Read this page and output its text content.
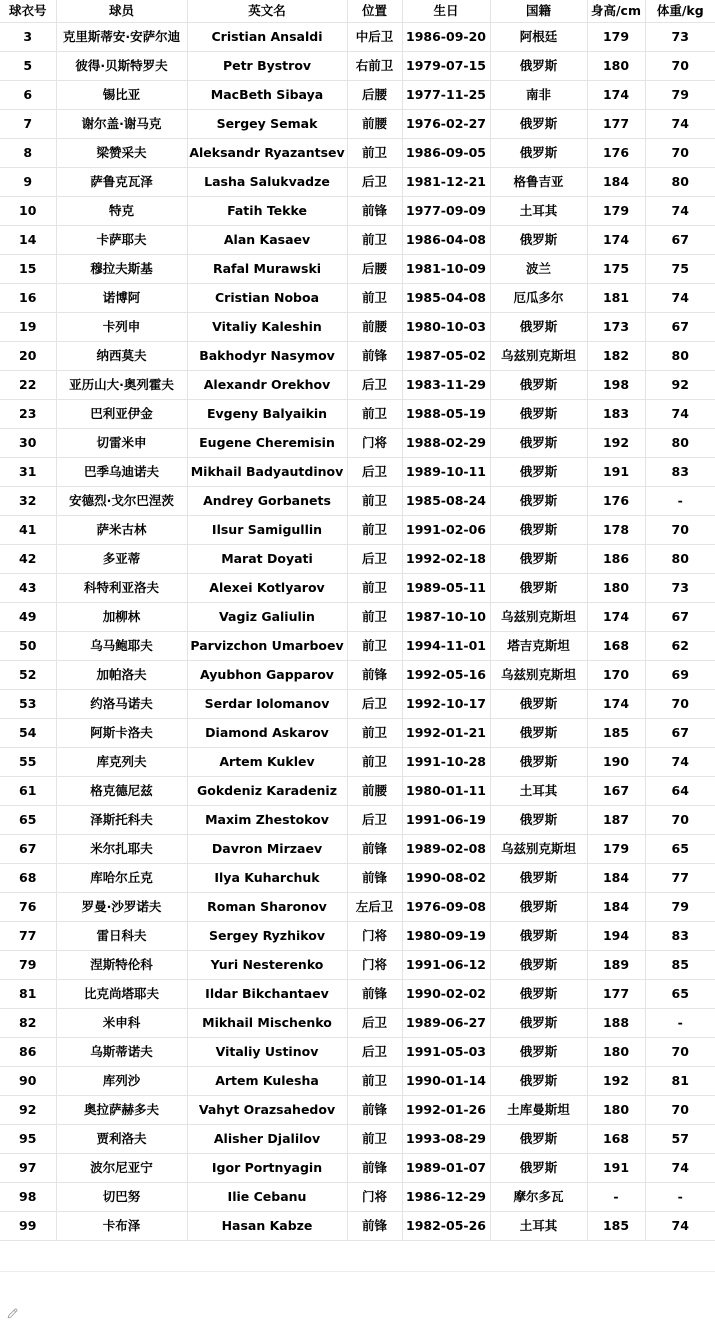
球衣号	球员	英文名	位置	生日	国籍	身高/cm	体重/kg
3	克里斯蒂安·安萨尔迪	Cristian Ansaldi	中后卫	1986-09-20	阿根廷	179	73
5	彼得·贝斯特罗夫	Petr Bystrov	右前卫	1979-07-15	俄罗斯	180	70
6	锡比亚	MacBeth Sibaya	后腰	1977-11-25	南非	174	79
7	谢尔盖·谢马克	Sergey Semak	前腰	1976-02-27	俄罗斯	177	74
8	梁赞采夫	Aleksandr Ryazantsev	前卫	1986-09-05	俄罗斯	176	70
9	萨鲁克瓦泽	Lasha Salukvadze	后卫	1981-12-21	格鲁吉亚	184	80
10	特克	Fatih Tekke	前锋	1977-09-09	土耳其	179	74
14	卡萨耶夫	Alan Kasaev	前卫	1986-04-08	俄罗斯	174	67
15	穆拉夫斯基	Rafal Murawski	后腰	1981-10-09	波兰	175	75
16	诺博阿	Cristian Noboa	前卫	1985-04-08	厄瓜多尔	181	74
19	卡列申	Vitaliy Kaleshin	前腰	1980-10-03	俄罗斯	173	67
20	纳西莫夫	Bakhodyr Nasymov	前锋	1987-05-02	乌兹别克斯坦	182	80
22	亚历山大·奥列霍夫	Alexandr Orekhov	后卫	1983-11-29	俄罗斯	198	92
23	巴利亚伊金	Evgeny Balyaikin	前卫	1988-05-19	俄罗斯	183	74
30	切雷米申	Eugene Cheremisin	门将	1988-02-29	俄罗斯	192	80
31	巴季乌迪诺夫	Mikhail Badyautdinov	后卫	1989-10-11	俄罗斯	191	83
32	安德烈·戈尔巴涅茨	Andrey Gorbanets	前卫	1985-08-24	俄罗斯	176	-
41	萨米古林	Ilsur Samigullin	前卫	1991-02-06	俄罗斯	178	70
42	多亚蒂	Marat Doyati	后卫	1992-02-18	俄罗斯	186	80
43	科特利亚洛夫	Alexei Kotlyarov	前卫	1989-05-11	俄罗斯	180	73
49	加柳林	Vagiz Galiulin	前卫	1987-10-10	乌兹别克斯坦	174	67
50	乌马鲍耶夫	Parvizchon Umarboev	前卫	1994-11-01	塔吉克斯坦	168	62
52	加帕洛夫	Ayubhon Gapparov	前锋	1992-05-16	乌兹别克斯坦	170	69
53	约洛马诺夫	Serdar Iolomanov	后卫	1992-10-17	俄罗斯	174	70
54	阿斯卡洛夫	Diamond Askarov	前卫	1992-01-21	俄罗斯	185	67
55	库克列夫	Artem Kuklev	前卫	1991-10-28	俄罗斯	190	74
61	格克德尼兹	Gokdeniz Karadeniz	前腰	1980-01-11	土耳其	167	64
65	泽斯托科夫	Maxim Zhestokov	后卫	1991-06-19	俄罗斯	187	70
67	米尔扎耶夫	Davron Mirzaev	前锋	1989-02-08	乌兹别克斯坦	179	65
68	库哈尔丘克	Ilya Kuharchuk	前锋	1990-08-02	俄罗斯	184	77
76	罗曼·沙罗诺夫	Roman Sharonov	左后卫	1976-09-08	俄罗斯	184	79
77	雷日科夫	Sergey Ryzhikov	门将	1980-09-19	俄罗斯	194	83
79	涅斯特伦科	Yuri Nesterenko	门将	1991-06-12	俄罗斯	189	85
81	比克尚塔耶夫	Ildar Bikchantaev	前锋	1990-02-02	俄罗斯	177	65
82	米申科	Mikhail Mischenko	后卫	1989-06-27	俄罗斯	188	-
86	乌斯蒂诺夫	Vitaliy Ustinov	后卫	1991-05-03	俄罗斯	180	70
90	库列沙	Artem Kulesha	前卫	1990-01-14	俄罗斯	192	81
92	奥拉萨赫多夫	Vahyt Orazsahedov	前锋	1992-01-26	土库曼斯坦	180	70
95	贾利洛夫	Alisher Djalilov	前卫	1993-08-29	俄罗斯	168	57
97	波尔尼亚宁	Igor Portnyagin	前锋	1989-01-07	俄罗斯	191	74
98	切巴努	Ilie Cebanu	门将	1986-12-29	摩尔多瓦	-	-
99	卡布泽	Hasan Kabze	前锋	1982-05-26	土耳其	185	74
